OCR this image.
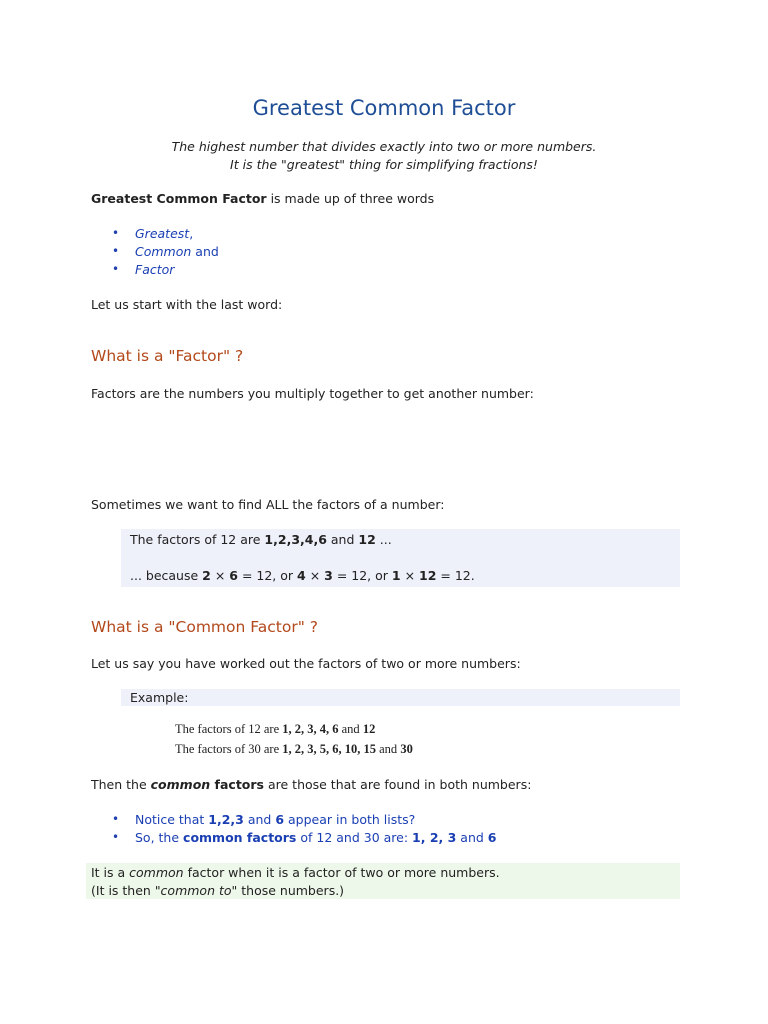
Greatest Common Factor
The highest number that divides exactly into two or more numbers.
It is the "greatest" thing for simplifying fractions!
Greatest Common Factor is made up of three words
• Greatest,
• Common and
• Factor
Let us start with the last word:
What is a "Factor" ?
Factors are the numbers you multiply together to get another number:
Sometimes we want to find ALL the factors of a number:
The factors of 12 are 1,2,3,4,6 and 12 ...
... because 2 × 6 = 12, or 4 × 3 = 12, or 1 × 12 = 12.
What is a "Common Factor" ?
Let us say you have worked out the factors of two or more numbers:
Example:
The factors of 12 are 1, 2, 3, 4, 6 and 12
The factors of 30 are 1, 2, 3, 5, 6, 10, 15 and 30
Then the common factors are those that are found in both numbers:
• Notice that 1,2,3 and 6 appear in both lists?
• So, the common factors of 12 and 30 are: 1, 2, 3 and 6
It is a common factor when it is a factor of two or more numbers.
(It is then "common to" those numbers.)
